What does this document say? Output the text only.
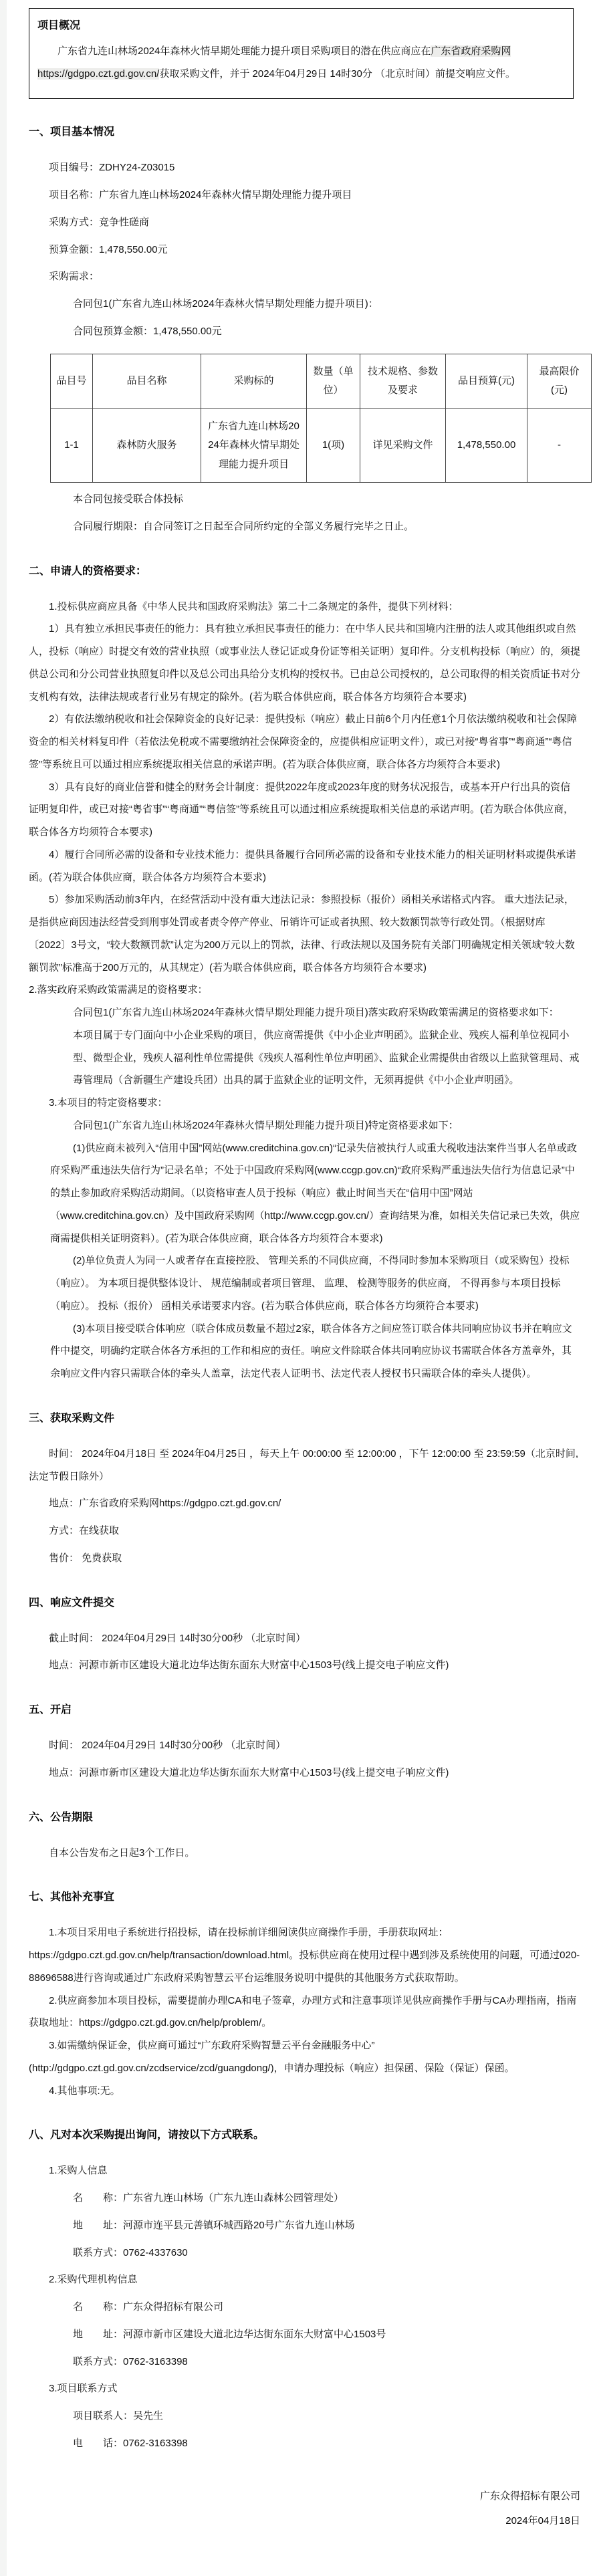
项目概况

广东省九连山林场2024年森林火情早期处理能力提升项目采购项目的潜在供应商应在广东省政府采购网https://gdgpo.czt.gd.gov.cn/获取采购文件，并于 2024年04月29日 14时30分 （北京时间）前提交响应文件。

一、项目基本情况

项目编号：ZDHY24-Z03015

项目名称：广东省九连山林场2024年森林火情早期处理能力提升项目

采购方式：竞争性磋商

预算金额：1,478,550.00元

采购需求：

合同包1(广东省九连山林场2024年森林火情早期处理能力提升项目)：

合同包预算金额：1,478,550.00元

品目号	品目名称	采购标的	数量（单位）	技术规格、参数及要求	品目预算(元)	最高限价(元)
1-1	森林防火服务	广东省九连山林场2024年森林火情早期处理能力提升项目	1(项)	详见采购文件	1,478,550.00	-

本合同包接受联合体投标

合同履行期限：自合同签订之日起至合同所约定的全部义务履行完毕之日止。

二、申请人的资格要求：

1.投标供应商应具备《中华人民共和国政府采购法》第二十二条规定的条件，提供下列材料：

1）具有独立承担民事责任的能力：具有独立承担民事责任的能力：在中华人民共和国境内注册的法人或其他组织或自然人，投标（响应）时提交有效的营业执照（或事业法人登记证或身份证等相关证明）复印件。分支机构投标（响应）的，须提供总公司和分公司营业执照复印件以及总公司出具给分支机构的授权书。已由总公司授权的，总公司取得的相关资质证书对分支机构有效，法律法规或者行业另有规定的除外。(若为联合体供应商，联合体各方均须符合本要求)

2）有依法缴纳税收和社会保障资金的良好记录：提供投标（响应）截止日前6个月内任意1个月依法缴纳税收和社会保障资金的相关材料复印件（若依法免税或不需要缴纳社会保障资金的，应提供相应证明文件），或已对接“粤省事”“粤商通”“粤信签”等系统且可以通过相应系统提取相关信息的承诺声明。(若为联合体供应商，联合体各方均须符合本要求)

3）具有良好的商业信誉和健全的财务会计制度：提供2022年度或2023年度的财务状况报告，或基本开户行出具的资信证明复印件，或已对接“粤省事”“粤商通”“粤信签”等系统且可以通过相应系统提取相关信息的承诺声明。(若为联合体供应商，联合体各方均须符合本要求)

4）履行合同所必需的设备和专业技术能力：提供具备履行合同所必需的设备和专业技术能力的相关证明材料或提供承诺函。(若为联合体供应商，联合体各方均须符合本要求)

5）参加采购活动前3年内，在经营活动中没有重大违法记录：参照投标（报价）函相关承诺格式内容。 重大违法记录，是指供应商因违法经营受到刑事处罚或者责令停产停业、吊销许可证或者执照、较大数额罚款等行政处罚。（根据财库〔2022〕3号文，“较大数额罚款”认定为200万元以上的罚款，法律、行政法规以及国务院有关部门明确规定相关领域“较大数额罚款”标准高于200万元的，从其规定）(若为联合体供应商，联合体各方均须符合本要求)

2.落实政府采购政策需满足的资格要求：

合同包1(广东省九连山林场2024年森林火情早期处理能力提升项目)落实政府采购政策需满足的资格要求如下：

本项目属于专门面向中小企业采购的项目，供应商需提供《中小企业声明函》。监狱企业、残疾人福利单位视同小型、微型企业，残疾人福利性单位需提供《残疾人福利性单位声明函》、监狱企业需提供由省级以上监狱管理局、戒毒管理局（含新疆生产建设兵团）出具的属于监狱企业的证明文件，无须再提供《中小企业声明函》。

3.本项目的特定资格要求：

合同包1(广东省九连山林场2024年森林火情早期处理能力提升项目)特定资格要求如下：

(1)供应商未被列入“信用中国”网站(www.creditchina.gov.cn)“记录失信被执行人或重大税收违法案件当事人名单或政府采购严重违法失信行为”记录名单；不处于中国政府采购网(www.ccgp.gov.cn)“政府采购严重违法失信行为信息记录”中的禁止参加政府采购活动期间。（以资格审查人员于投标（响应）截止时间当天在“信用中国”网站（www.creditchina.gov.cn）及中国政府采购网（http://www.ccgp.gov.cn/）查询结果为准，如相关失信记录已失效，供应商需提供相关证明资料）。(若为联合体供应商，联合体各方均须符合本要求)

(2)单位负责人为同一人或者存在直接控股、 管理关系的不同供应商，不得同时参加本采购项目（或采购包）投标（响应）。 为本项目提供整体设计、 规范编制或者项目管理、 监理、 检测等服务的供应商， 不得再参与本项目投标（响应）。 投标（报价） 函相关承诺要求内容。(若为联合体供应商，联合体各方均须符合本要求)

(3)本项目接受联合体响应（联合体成员数量不超过2家，联合体各方之间应签订联合体共同响应协议书并在响应文件中提交，明确约定联合体各方承担的工作和相应的责任。响应文件除联合体共同响应协议书需联合体各方盖章外，其余响应文件内容只需联合体的牵头人盖章，法定代表人证明书、法定代表人授权书只需联合体的牵头人提供）。

三、获取采购文件

时间： 2024年04月18日 至 2024年04月25日 ，每天上午 00:00:00 至 12:00:00 ，下午 12:00:00 至 23:59:59（北京时间,法定节假日除外）

地点：广东省政府采购网https://gdgpo.czt.gd.gov.cn/

方式：在线获取

售价： 免费获取

四、响应文件提交

截止时间： 2024年04月29日 14时30分00秒 （北京时间）

地点：河源市新市区建设大道北边华达街东面东大财富中心1503号(线上提交电子响应文件)

五、开启

时间： 2024年04月29日 14时30分00秒 （北京时间）

地点：河源市新市区建设大道北边华达街东面东大财富中心1503号(线上提交电子响应文件)

六、公告期限

自本公告发布之日起3个工作日。

七、其他补充事宜

1.本项目采用电子系统进行招投标，请在投标前详细阅读供应商操作手册，手册获取网址：https://gdgpo.czt.gd.gov.cn/help/transaction/download.html。投标供应商在使用过程中遇到涉及系统使用的问题，可通过020-88696588进行咨询或通过广东政府采购智慧云平台运维服务说明中提供的其他服务方式获取帮助。

2.供应商参加本项目投标，需要提前办理CA和电子签章，办理方式和注意事项详见供应商操作手册与CA办理指南，指南获取地址：https://gdgpo.czt.gd.gov.cn/help/problem/。

3.如需缴纳保证金，供应商可通过“广东政府采购智慧云平台金融服务中心”(http://gdgpo.czt.gd.gov.cn/zcdservice/zcd/guangdong/)，申请办理投标（响应）担保函、保险（保证）保函。

4.其他事项:无。

八、凡对本次采购提出询问，请按以下方式联系。

1.采购人信息

名　　称：广东省九连山林场（广东九连山森林公园管理处）

地　　址：河源市连平县元善镇环城西路20号广东省九连山林场

联系方式：0762-4337630

2.采购代理机构信息

名　　称：广东众得招标有限公司

地　　址：河源市新市区建设大道北边华达街东面东大财富中心1503号

联系方式：0762-3163398

3.项目联系方式

项目联系人：吴先生

电　　话：0762-3163398

广东众得招标有限公司
2024年04月18日
